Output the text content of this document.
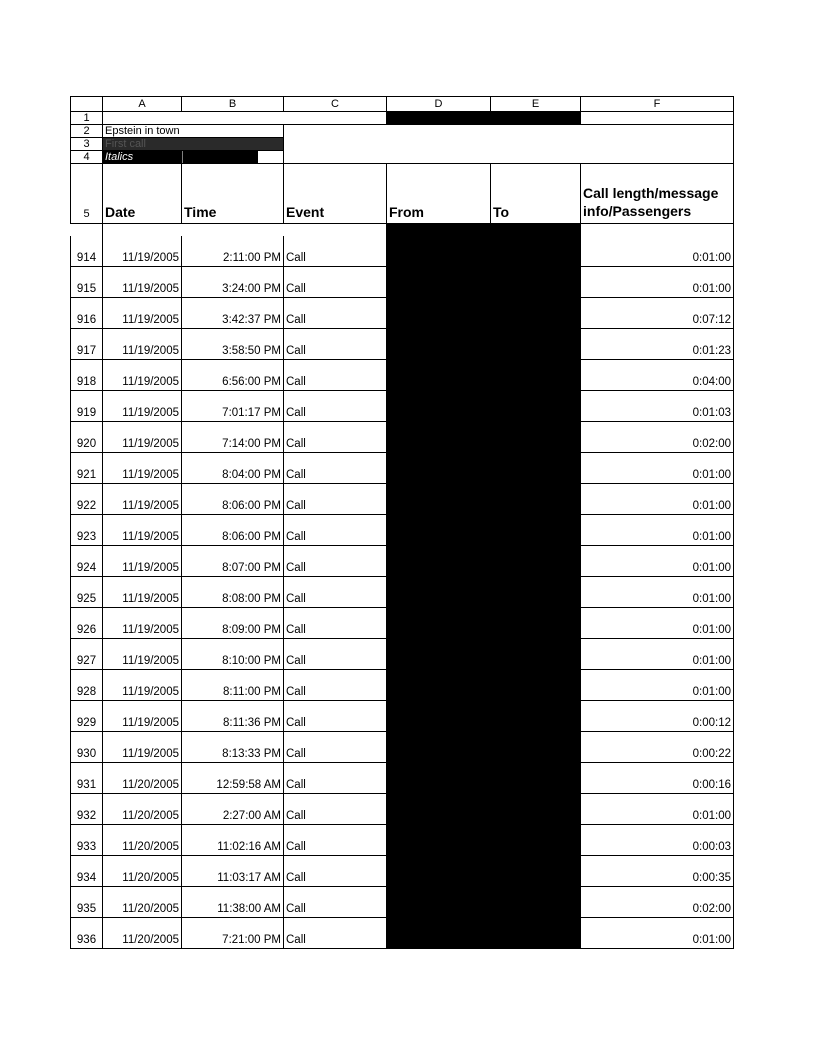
	A	B	C	D	E	F
1						
2	Epstein in town					
3	First call					
4	Italics					
5	Date	Time	Event	From	To	Call length/message info/Passengers

914	11/19/2005	2:11:00 PM	Call			0:01:00

915	11/19/2005	3:24:00 PM	Call			0:01:00

916	11/19/2005	3:42:37 PM	Call			0:07:12

917	11/19/2005	3:58:50 PM	Call			0:01:23

918	11/19/2005	6:56:00 PM	Call			0:04:00

919	11/19/2005	7:01:17 PM	Call			0:01:03

920	11/19/2005	7:14:00 PM	Call			0:02:00

921	11/19/2005	8:04:00 PM	Call			0:01:00

922	11/19/2005	8:06:00 PM	Call			0:01:00

923	11/19/2005	8:06:00 PM	Call			0:01:00

924	11/19/2005	8:07:00 PM	Call			0:01:00

925	11/19/2005	8:08:00 PM	Call			0:01:00

926	11/19/2005	8:09:00 PM	Call			0:01:00

927	11/19/2005	8:10:00 PM	Call			0:01:00

928	11/19/2005	8:11:00 PM	Call			0:01:00

929	11/19/2005	8:11:36 PM	Call			0:00:12

930	11/19/2005	8:13:33 PM	Call			0:00:22

931	11/20/2005	12:59:58 AM	Call			0:00:16

932	11/20/2005	2:27:00 AM	Call			0:01:00

933	11/20/2005	11:02:16 AM	Call			0:00:03

934	11/20/2005	11:03:17 AM	Call			0:00:35

935	11/20/2005	11:38:00 AM	Call			0:02:00

936	11/20/2005	7:21:00 PM	Call			0:01:00
